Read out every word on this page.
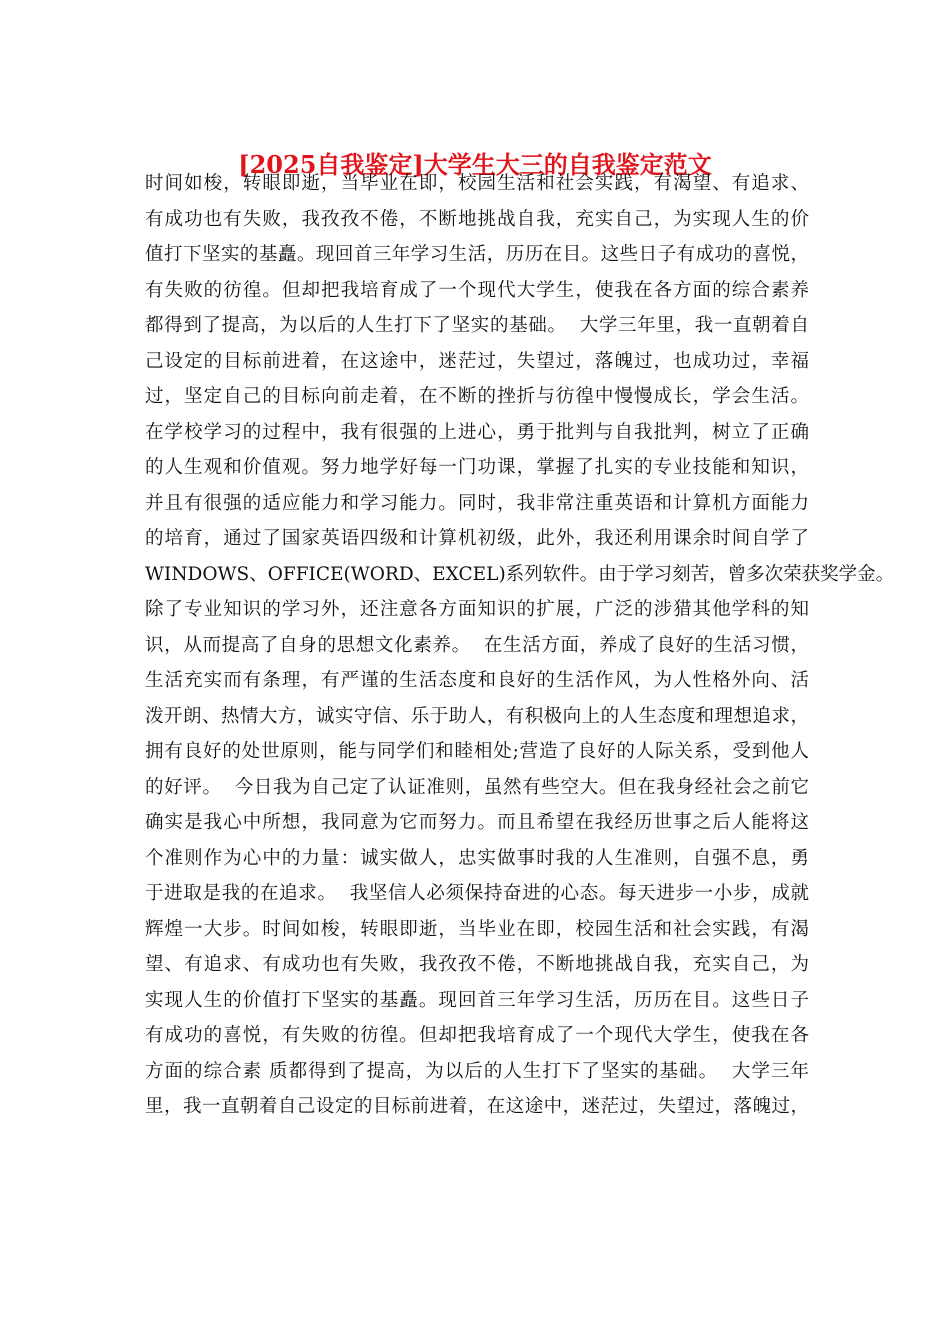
[2025自我鉴定]大学生大三的自我鉴定范文
时间如梭，转眼即逝，当毕业在即，校园生活和社会实践，有渴望、有追求、
有成功也有失败，我孜孜不倦，不断地挑战自我，充实自己，为实现人生的价
值打下坚实的基矗。现回首三年学习生活，历历在目。这些日子有成功的喜悦，
有失败的彷徨。但却把我培育成了一个现代大学生，使我在各方面的综合素养
都得到了提高，为以后的人生打下了坚实的基础。  大学三年里，我一直朝着自
己设定的目标前进着，在这途中，迷茫过，失望过，落魄过，也成功过，幸福
过，坚定自己的目标向前走着，在不断的挫折与彷徨中慢慢成长，学会生活。
在学校学习的过程中，我有很强的上进心，勇于批判与自我批判，树立了正确
的人生观和价值观。努力地学好每一门功课，掌握了扎实的专业技能和知识，
并且有很强的适应能力和学习能力。同时，我非常注重英语和计算机方面能力
的培育，通过了国家英语四级和计算机初级，此外，我还利用课余时间自学了
WINDOWS、OFFICE(WORD、EXCEL)系列软件。由于学习刻苦，曾多次荣获奖学金。
除了专业知识的学习外，还注意各方面知识的扩展，广泛的涉猎其他学科的知
识，从而提高了自身的思想文化素养。  在生活方面，养成了良好的生活习惯，
生活充实而有条理，有严谨的生活态度和良好的生活作风，为人性格外向、活
泼开朗、热情大方，诚实守信、乐于助人，有积极向上的人生态度和理想追求，
拥有良好的处世原则，能与同学们和睦相处;营造了良好的人际关系，受到他人
的好评。  今日我为自己定了认证准则，虽然有些空大。但在我身经社会之前它
确实是我心中所想，我同意为它而努力。而且希望在我经历世事之后人能将这
个准则作为心中的力量：诚实做人，忠实做事时我的人生准则，自强不息，勇
于进取是我的在追求。  我坚信人必须保持奋进的心态。每天进步一小步，成就
辉煌一大步。时间如梭，转眼即逝，当毕业在即，校园生活和社会实践，有渴
望、有追求、有成功也有失败，我孜孜不倦，不断地挑战自我，充实自己，为
实现人生的价值打下坚实的基矗。现回首三年学习生活，历历在目。这些日子
有成功的喜悦，有失败的彷徨。但却把我培育成了一个现代大学生，使我在各
方面的综合素 质都得到了提高，为以后的人生打下了坚实的基础。  大学三年
里，我一直朝着自己设定的目标前进着，在这途中，迷茫过，失望过，落魄过，
